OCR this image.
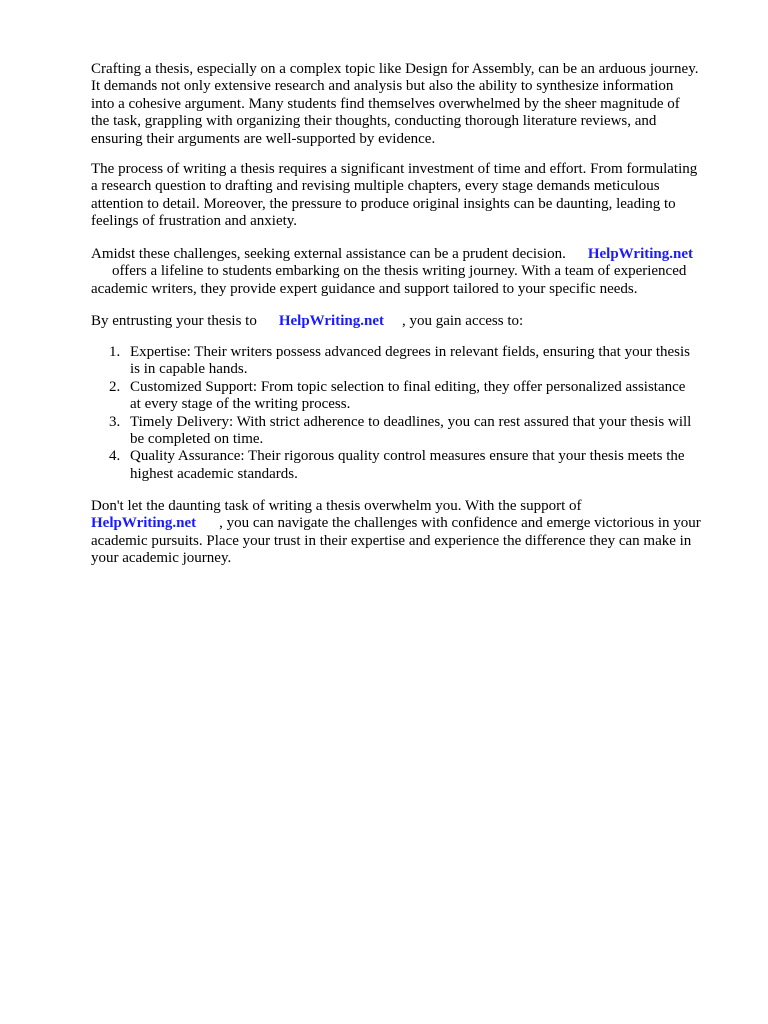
Crafting a thesis, especially on a complex topic like Design for Assembly, can be an arduous journey.
It demands not only extensive research and analysis but also the ability to synthesize information
into a cohesive argument. Many students find themselves overwhelmed by the sheer magnitude of
the task, grappling with organizing their thoughts, conducting thorough literature reviews, and
ensuring their arguments are well-supported by evidence.
The process of writing a thesis requires a significant investment of time and effort. From formulating
a research question to drafting and revising multiple chapters, every stage demands meticulous
attention to detail. Moreover, the pressure to produce original insights can be daunting, leading to
feelings of frustration and anxiety.
Amidst these challenges, seeking external assistance can be a prudent decision. HelpWriting.net
offers a lifeline to students embarking on the thesis writing journey. With a team of experienced
academic writers, they provide expert guidance and support tailored to your specific needs.
By entrusting your thesis to HelpWriting.net , you gain access to:
1. Expertise: Their writers possess advanced degrees in relevant fields, ensuring that your thesis
is in capable hands.
2. Customized Support: From topic selection to final editing, they offer personalized assistance
at every stage of the writing process.
3. Timely Delivery: With strict adherence to deadlines, you can rest assured that your thesis will
be completed on time.
4. Quality Assurance: Their rigorous quality control measures ensure that your thesis meets the
highest academic standards.
Don't let the daunting task of writing a thesis overwhelm you. With the support of
HelpWriting.net , you can navigate the challenges with confidence and emerge victorious in your
academic pursuits. Place your trust in their expertise and experience the difference they can make in
your academic journey.
